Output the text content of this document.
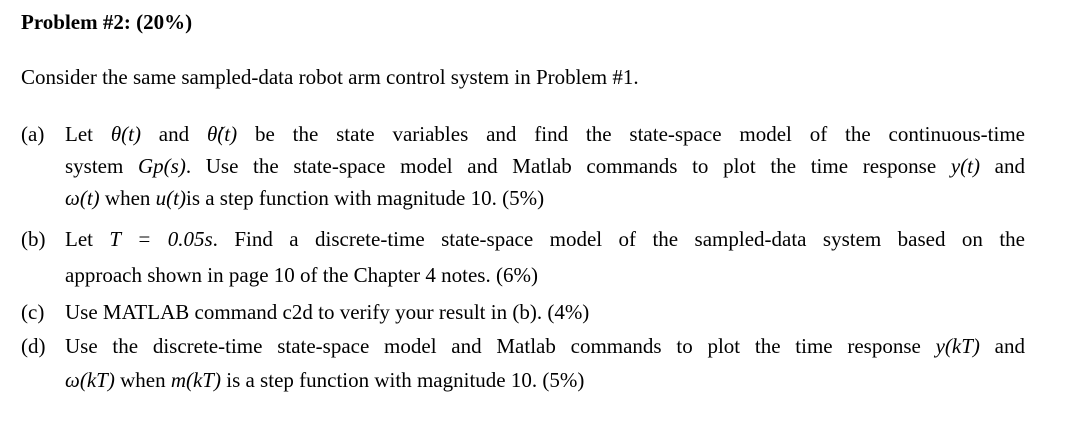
Problem #2: (20%)
Consider the same sampled-data robot arm control system in Problem #1.
(a) Let θ(t) and θ̇(t) be the state variables and find the state-space model of the continuous-time
system Gp(s). Use the state-space model and Matlab commands to plot the time response y(t) and
ω(t) when u(t)is a step function with magnitude 10. (5%)
(b) Let T = 0.05s. Find a discrete-time state-space model of the sampled-data system based on the
approach shown in page 10 of the Chapter 4 notes. (6%)
(c) Use MATLAB command c2d to verify your result in (b). (4%)
(d) Use the discrete-time state-space model and Matlab commands to plot the time response y(kT) and
ω(kT) when m(kT) is a step function with magnitude 10. (5%)
